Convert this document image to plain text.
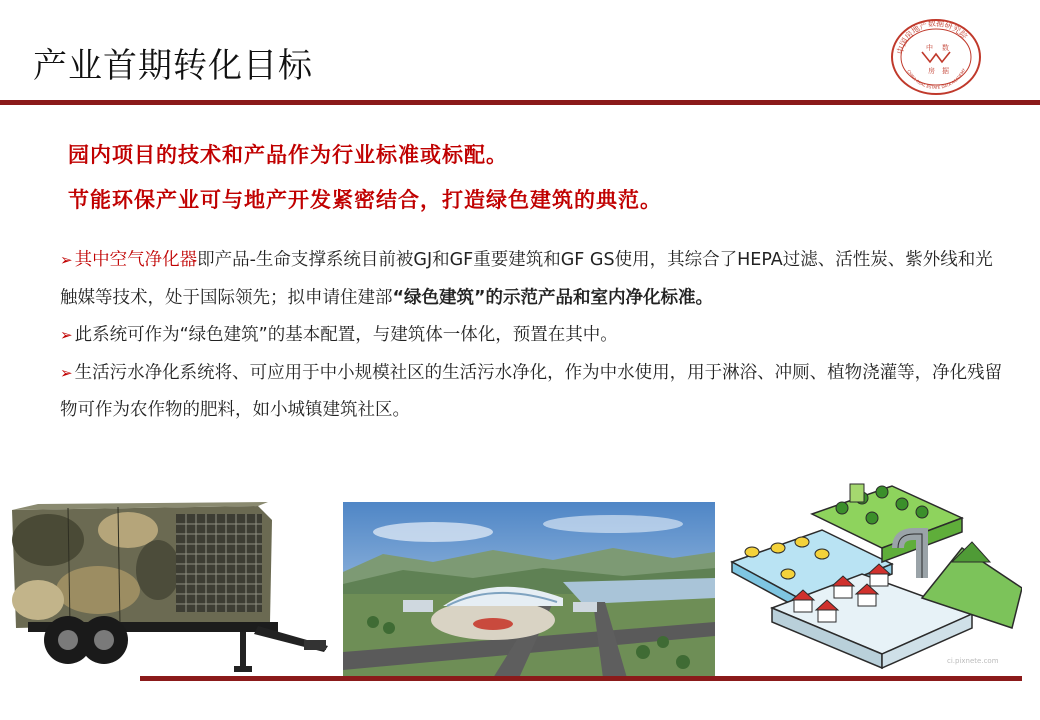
产业首期转化目标	中国房地产数据研究院
CHINA REAL ESTATE DATA ACADEMY
中 数
房 据
园内项目的技术和产品作为行业标准或标配。
节能环保产业可与地产开发紧密结合，打造绿色建筑的典范。

➢ 其中空气净化器即产品-生命支撑系统目前被GJ和GF重要建筑和GF GS使用，其综合了HEPA过滤、活性炭、紫外线和光触媒等技术，处于国际领先；拟申请住建部“绿色建筑”的示范产品和室内净化标准。

➢ 此系统可作为“绿色建筑”的基本配置，与建筑体一体化，预置在其中。

➢ 生活污水净化系统将、可应用于中小规模社区的生活污水净化，作为中水使用，用于淋浴、冲厕、植物浇灌等，净化残留物可作为农作物的肥料，如小城镇建筑社区。

ci.pixnete.com
